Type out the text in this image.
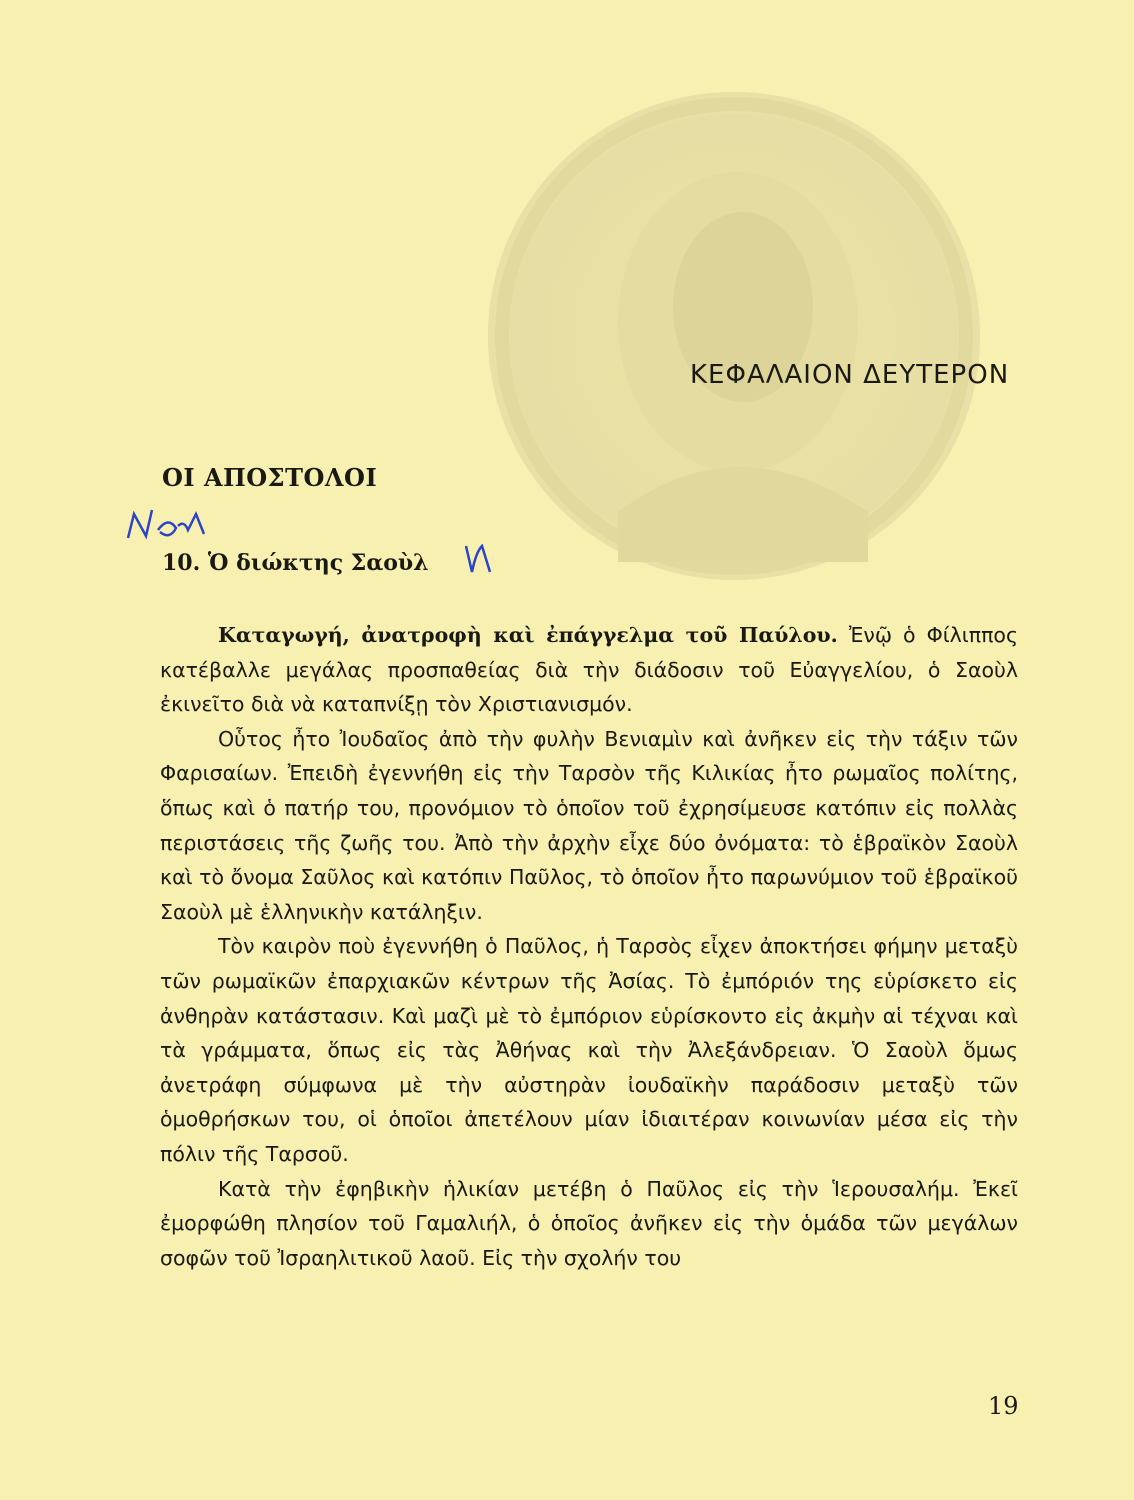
ΚΕΦΑΛΑΙΟΝ ΔΕΥΤΕΡΟΝ
ΟΙ ΑΠΟΣΤΟΛΟΙ
10. Ὁ διώκτης Σαοὺλ

Καταγωγή, ἀνατροφὴ καὶ ἐπάγγελμα τοῦ Παύλου. Ἐνῷ ὁ Φίλιππος κατέβαλλε μεγάλας προσπαθείας διὰ τὴν διάδοσιν τοῦ Εὐαγγελίου, ὁ Σαοὺλ ἐκινεῖτο διὰ νὰ καταπνίξῃ τὸν Χριστιανισμόν.

Οὗτος ἦτο Ἰουδαῖος ἀπὸ τὴν φυλὴν Βενιαμὶν καὶ ἀνῆκεν εἰς τὴν τάξιν τῶν Φαρισαίων. Ἐπειδὴ ἐγεννήθη εἰς τὴν Ταρσὸν τῆς Κιλικίας ἦτο ρωμαῖος πολίτης, ὅπως καὶ ὁ πατήρ του, προνόμιον τὸ ὁποῖον τοῦ ἐχρησίμευσε κατόπιν εἰς πολλὰς περιστάσεις τῆς ζωῆς του. Ἀπὸ τὴν ἀρχὴν εἶχε δύο ὀνόματα: τὸ ἑβραϊκὸν Σαοὺλ καὶ τὸ ὄνομα Σαῦλος καὶ κατόπιν Παῦλος, τὸ ὁποῖον ἦτο παρωνύμιον τοῦ ἑβραϊκοῦ Σαοὺλ μὲ ἑλληνικὴν κατάληξιν.

Τὸν καιρὸν ποὺ ἐγεννήθη ὁ Παῦλος, ἡ Ταρσὸς εἶχεν ἀποκτήσει φήμην μεταξὺ τῶν ρωμαϊκῶν ἐπαρχιακῶν κέντρων τῆς Ἀσίας. Τὸ ἐμπόριόν της εὑρίσκετο εἰς ἀνθηρὰν κατάστασιν. Καὶ μαζὶ μὲ τὸ ἐμπόριον εὑρίσκοντο εἰς ἀκμὴν αἱ τέχναι καὶ τὰ γράμματα, ὅπως εἰς τὰς Ἀθήνας καὶ τὴν Ἀλεξάνδρειαν. Ὁ Σαοὺλ ὅμως ἀνετράφη σύμφωνα μὲ τὴν αὐστηρὰν ἰουδαϊκὴν παράδοσιν μεταξὺ τῶν ὁμοθρήσκων του, οἱ ὁποῖοι ἀπετέλουν μίαν ἰδιαιτέραν κοινωνίαν μέσα εἰς τὴν πόλιν τῆς Ταρσοῦ.

Κατὰ τὴν ἐφηβικὴν ἡλικίαν μετέβη ὁ Παῦλος εἰς τὴν Ἱερουσαλήμ. Ἐκεῖ ἐμορφώθη πλησίον τοῦ Γαμαλιήλ, ὁ ὁποῖος ἀνῆκεν εἰς τὴν ὁμάδα τῶν μεγάλων σοφῶν τοῦ Ἰσραηλιτικοῦ λαοῦ. Εἰς τὴν σχολήν του

19
